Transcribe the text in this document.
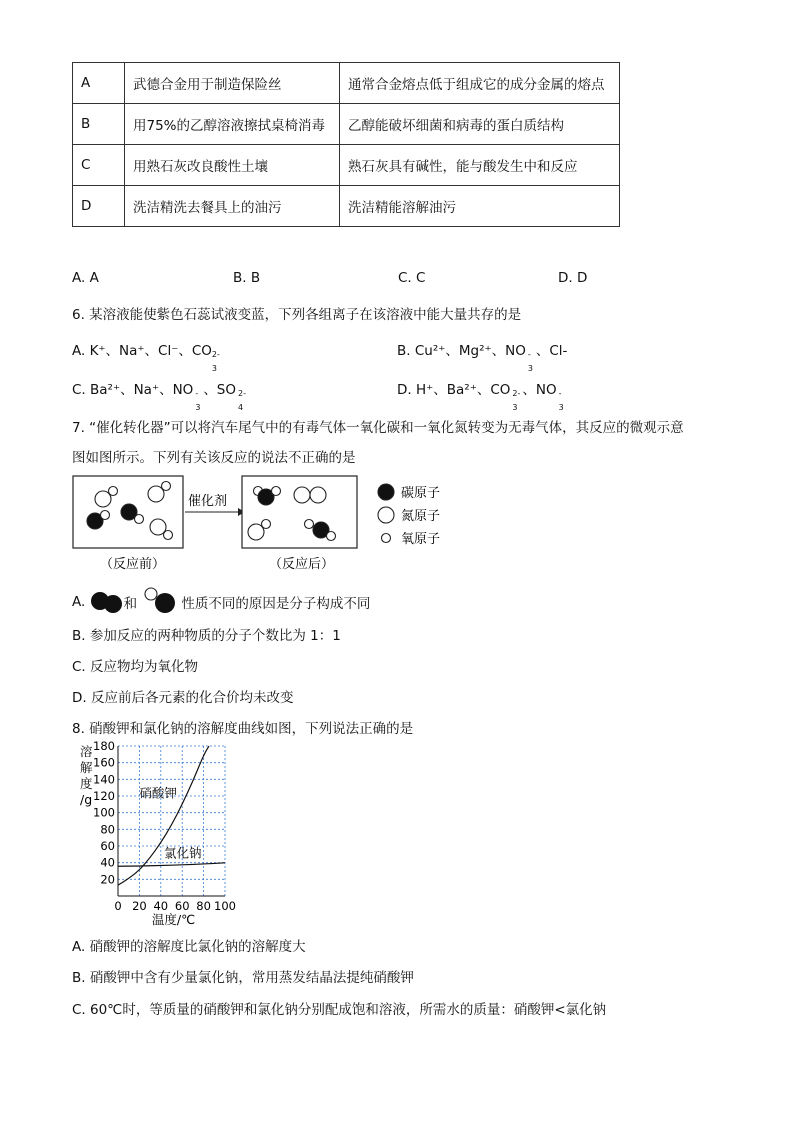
A	武德合金用于制造保险丝	通常合金熔点低于组成它的成分金属的熔点
B	用75%的乙醇溶液擦拭桌椅消毒	乙醇能破坏细菌和病毒的蛋白质结构
C	用熟石灰改良酸性土壤	熟石灰具有碱性，能与酸发生中和反应
D	洗洁精洗去餐具上的油污	洗洁精能溶解油污
A. A	B. B	C. C	D. D
6. 某溶液能使紫色石蕊试液变蓝，下列各组离子在该溶液中能大量共存的是
A. K⁺、Na⁺、Cl⁻、CO 2-
3
B. Cu²⁺、Mg²⁺、NO -
3
、Cl-
C. Ba²⁺、Na⁺、NO -
3
、SO 2-
4
D. H⁺、Ba²⁺、CO 2-
3
、NO -
3
7. “催化转化器”可以将汽车尾气中的有毒气体一氧化碳和一氧化氮转变为无毒气体，其反应的微观示意
图如图所示。下列有关该反应的说法不正确的是
催化剂
（反应前）	（反应后）
碳原子
氮原子
氧原子
A.	和	性质不同的原因是分子构成不同
B. 参加反应的两种物质的分子个数比为 1：1
C. 反应物均为氧化物
D. 反应前后各元素的化合价均未改变
8. 硝酸钾和氯化钠的溶解度曲线如图，下列说法正确的是
20
40
60
80
100
120
140
160
180
0 20 40 60 80 100
溶解度/g
温度/℃
硝酸钾
氯化钠
A. 硝酸钾的溶解度比氯化钠的溶解度大
B. 硝酸钾中含有少量氯化钠，常用蒸发结晶法提纯硝酸钾
C. 60℃时，等质量的硝酸钾和氯化钠分别配成饱和溶液，所需水的质量：硝酸钾<氯化钠
